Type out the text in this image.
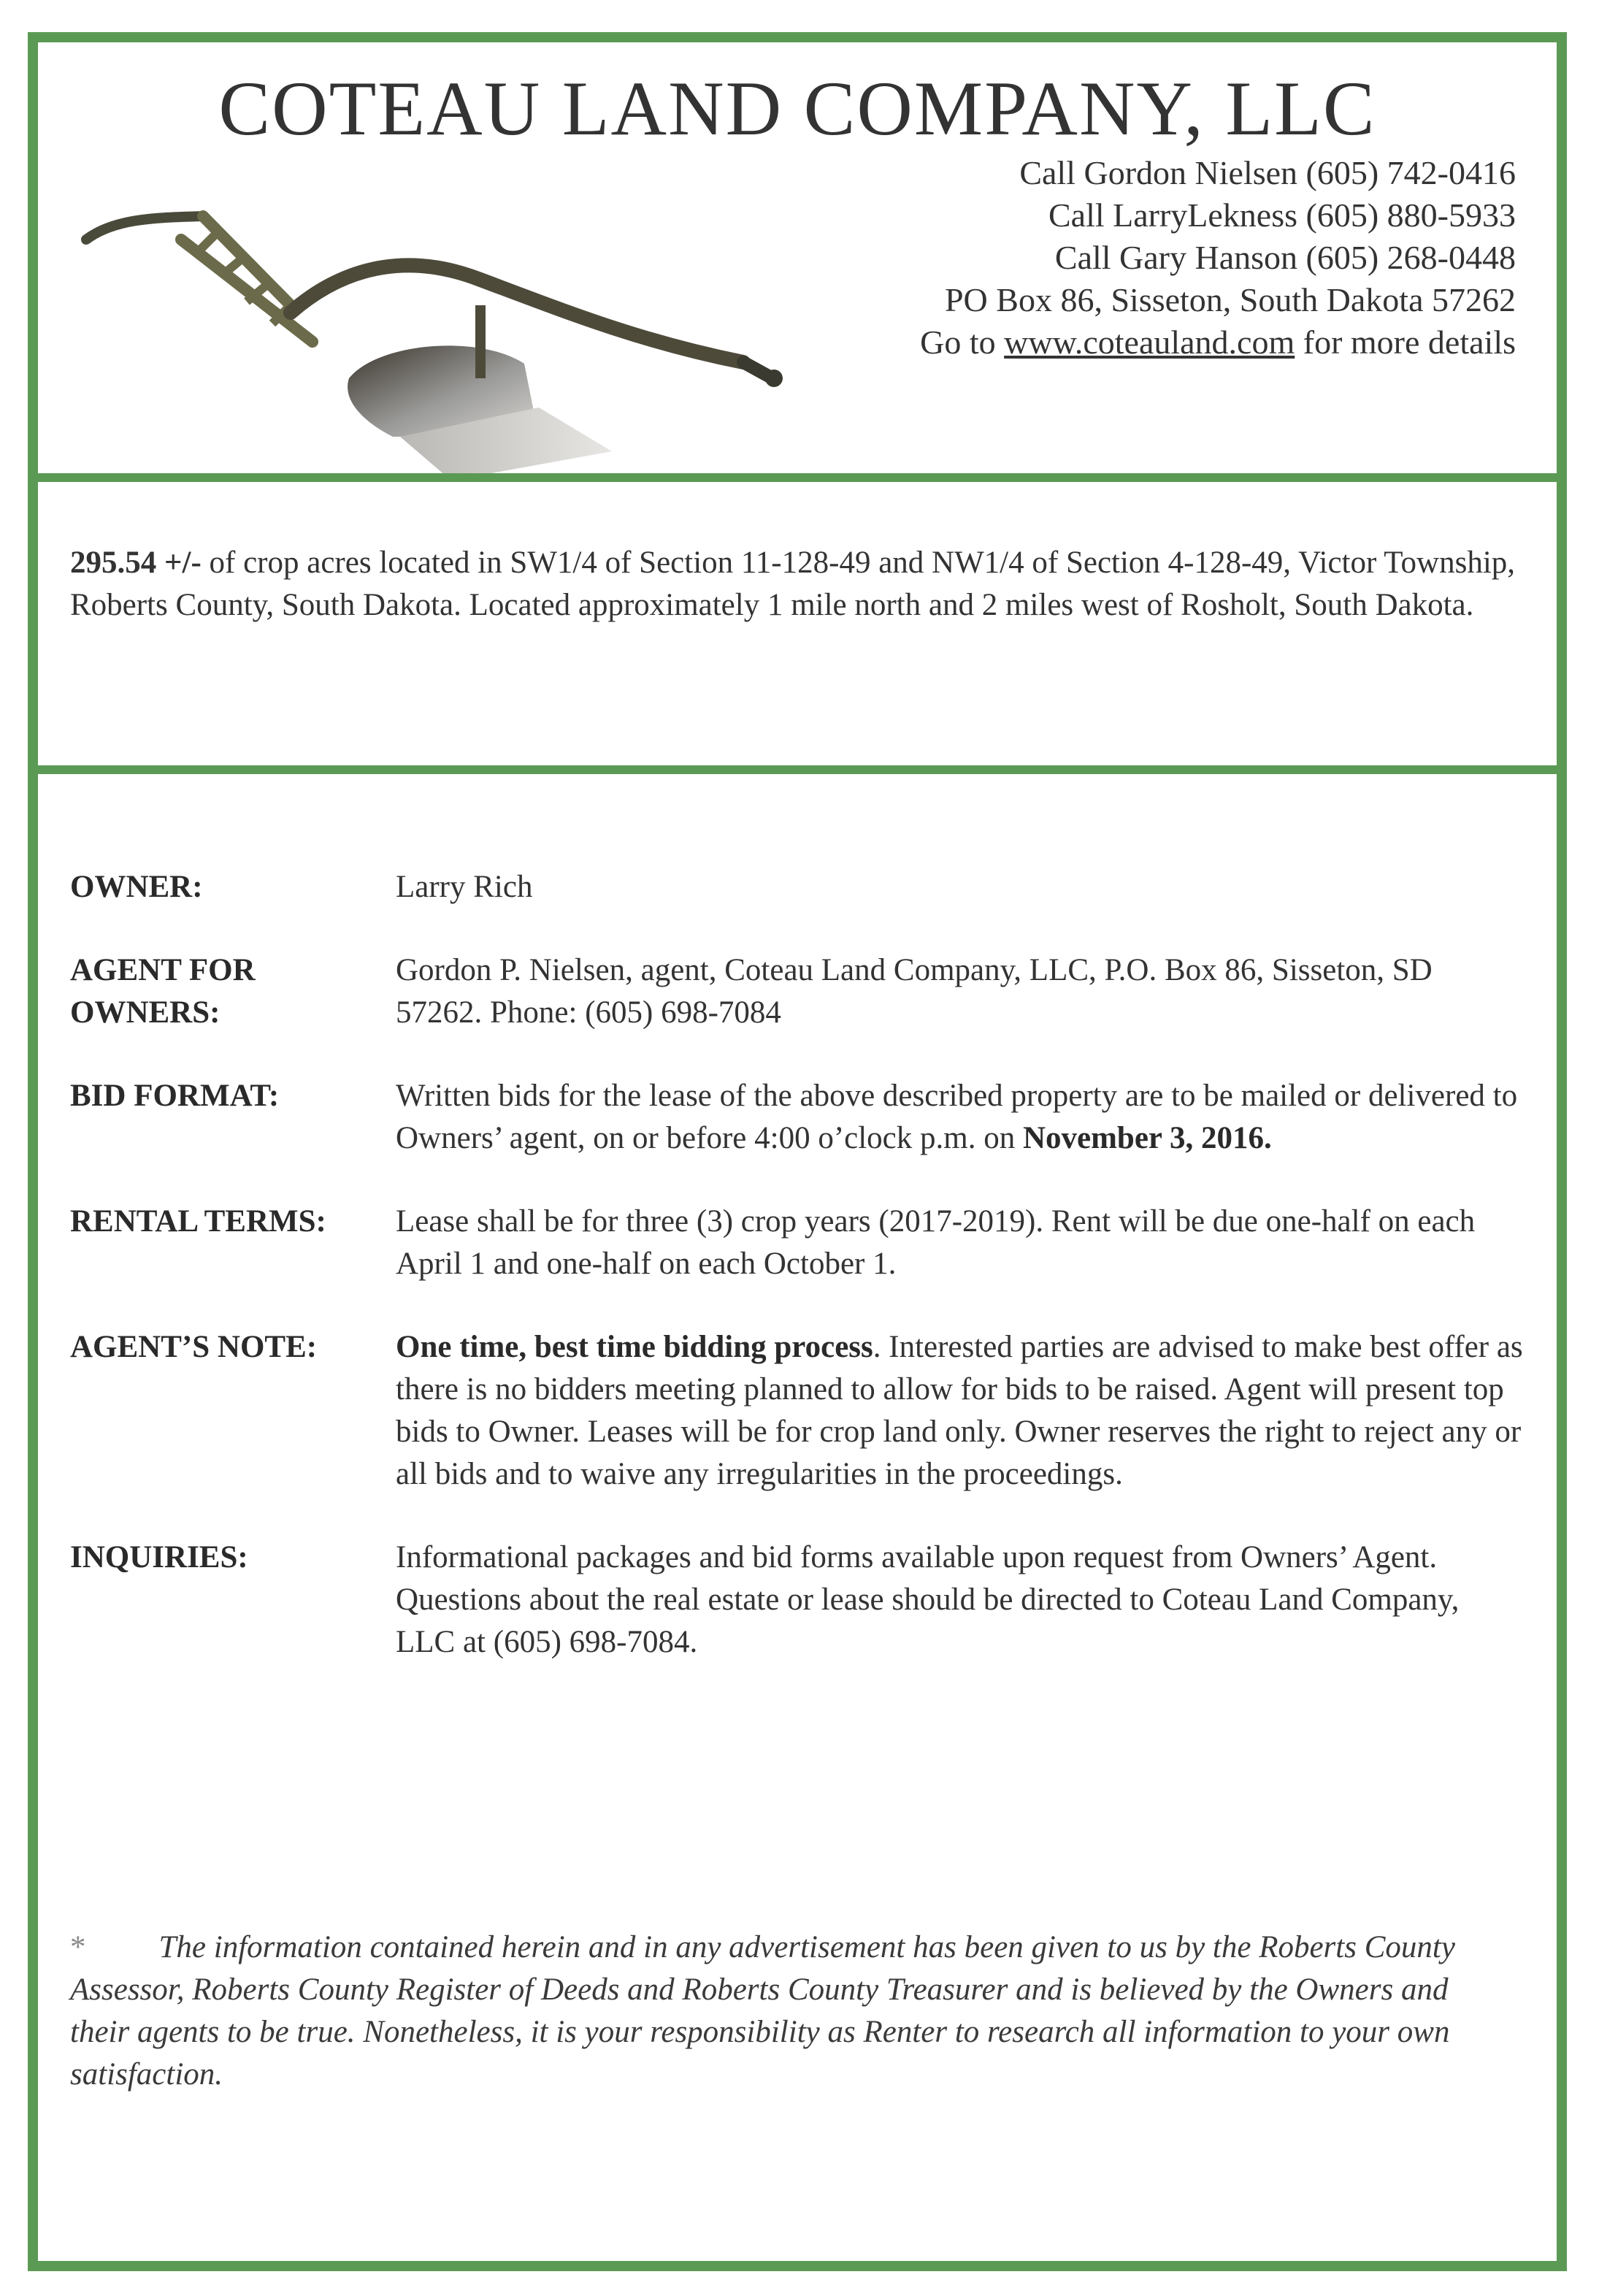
COTEAU LAND COMPANY, LLC
Call Gordon Nielsen (605) 742-0416
Call LarryLekness (605) 880-5933
Call Gary Hanson (605) 268-0448
PO Box 86, Sisseton, South Dakota 57262
Go to www.coteauland.com for more details
295.54 +/- of crop acres located in SW1/4 of Section 11-128-49 and NW1/4 of Section 4-128-49, Victor Township, Roberts County, South Dakota. Located approximately 1 mile north and 2 miles west of Rosholt, South Dakota.
OWNER:	Larry Rich
AGENT FOR
OWNERS:
Gordon P. Nielsen, agent, Coteau Land Company, LLC, P.O. Box 86, Sisseton, SD 57262. Phone: (605) 698-7084
BID FORMAT:	Written bids for the lease of the above described property are to be mailed or delivered to Owners’ agent, on or before 4:00 o’clock p.m. on November 3, 2016.
RENTAL TERMS:	Lease shall be for three (3) crop years (2017-2019). Rent will be due one-half on each April 1 and one-half on each October 1.
AGENT’S NOTE:	One time, best time bidding process. Interested parties are advised to make best offer as there is no bidders meeting planned to allow for bids to be raised. Agent will present top bids to Owner. Leases will be for crop land only. Owner reserves the right to reject any or all bids and to waive any irregularities in the proceedings.
INQUIRIES:	Informational packages and bid forms available upon request from Owners’ Agent. Questions about the real estate or lease should be directed to Coteau Land Company, LLC at (605) 698-7084.
* The information contained herein and in any advertisement has been given to us by the Roberts County Assessor, Roberts County Register of Deeds and Roberts County Treasurer and is believed by the Owners and their agents to be true. Nonetheless, it is your responsibility as Renter to research all information to your own satisfaction.
